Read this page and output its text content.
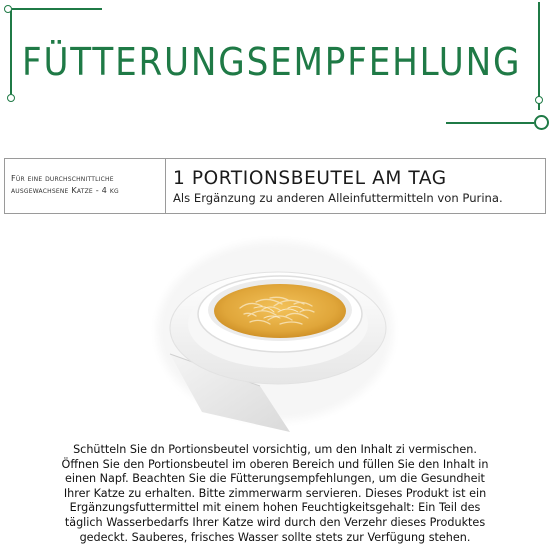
FÜTTERUNGSEMPFEHLUNG
Für eine durchschnittliche
ausgewachsene Katze - 4 kg
1 PORTIONSBEUTEL AM TAG
Als Ergänzung zu anderen Alleinfuttermitteln von Purina.
Schütteln Sie dn Portionsbeutel vorsichtig, um den Inhalt zi vermischen.
Öffnen Sie den Portionsbeutel im oberen Bereich und füllen Sie den Inhalt in
einen Napf. Beachten Sie die Fütterungsempfehlungen, um die Gesundheit
Ihrer Katze zu erhalten. Bitte zimmerwarm servieren. Dieses Produkt ist ein
Ergänzungsfuttermittel mit einem hohen Feuchtigkeitsgehalt: Ein Teil des
täglich Wasserbedarfs Ihrer Katze wird durch den Verzehr dieses Produktes
gedeckt. Sauberes, frisches Wasser sollte stets zur Verfügung stehen.
